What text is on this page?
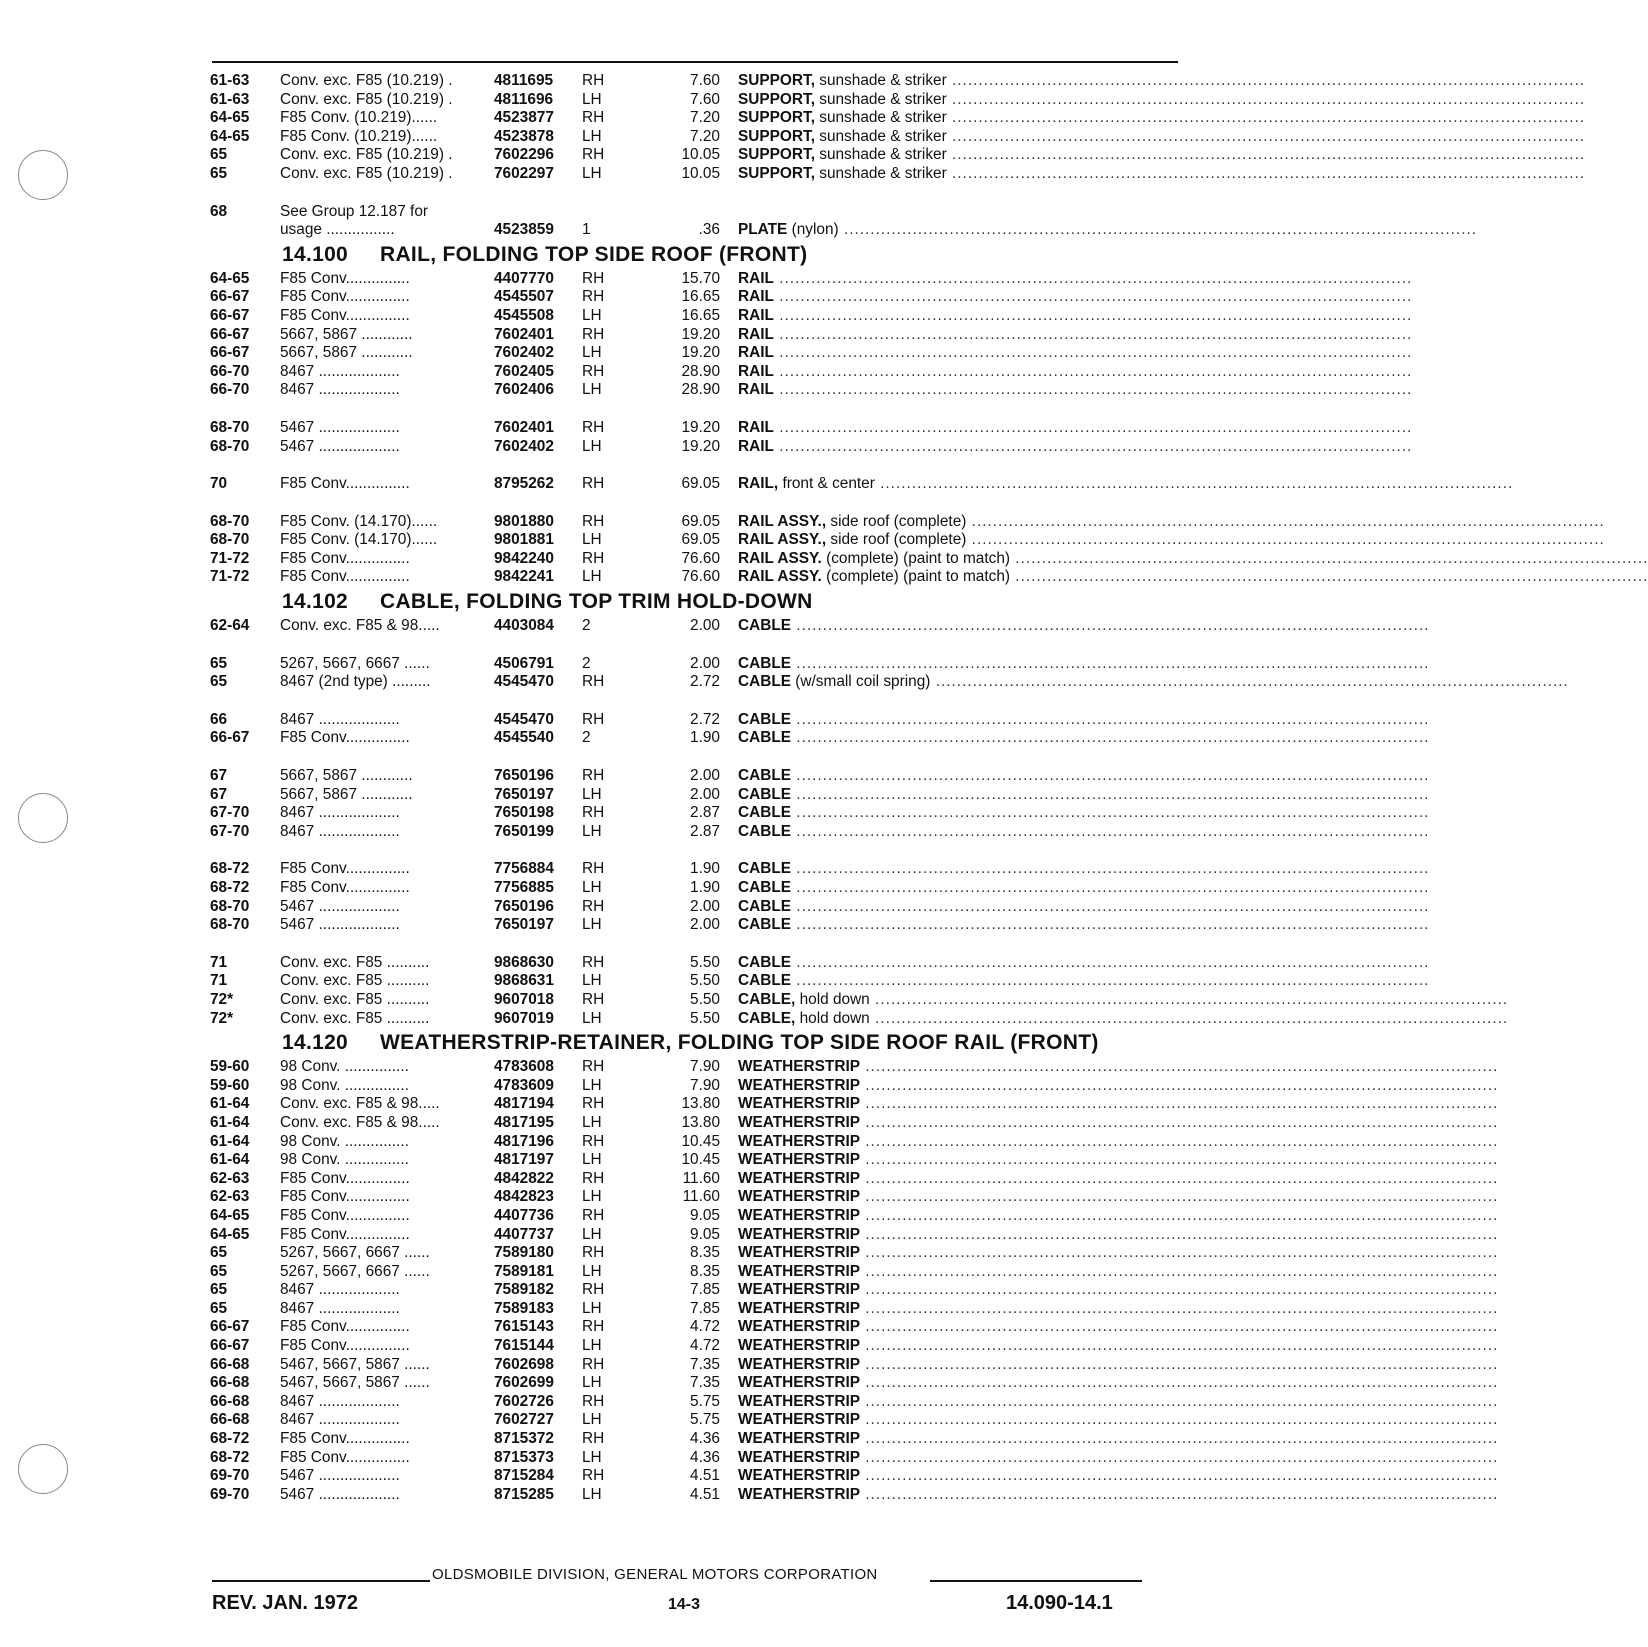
61-63	Conv. exc. F85 (10.219) .	4811695	RH	7.60 SUPPORT, sunshade & striker ........................................................................................................................
61-63	Conv. exc. F85 (10.219) .	4811696	LH	7.60 SUPPORT, sunshade & striker ........................................................................................................................
64-65	F85 Conv. (10.219)......	4523877	RH	7.20 SUPPORT, sunshade & striker ........................................................................................................................
64-65	F85 Conv. (10.219)......	4523878	LH	7.20 SUPPORT, sunshade & striker ........................................................................................................................
65	Conv. exc. F85 (10.219) .	7602296	RH	10.05 SUPPORT, sunshade & striker ........................................................................................................................
65	Conv. exc. F85 (10.219) .	7602297	LH	10.05 SUPPORT, sunshade & striker ........................................................................................................................
68	See Group 12.187 for
usage ................	4523859	1	.36 PLATE (nylon) ........................................................................................................................
14.100 RAIL, FOLDING TOP SIDE ROOF (FRONT)
64-65	F85 Conv...............	4407770	RH	15.70 RAIL ........................................................................................................................
66-67	F85 Conv...............	4545507	RH	16.65 RAIL ........................................................................................................................
66-67	F85 Conv...............	4545508	LH	16.65 RAIL ........................................................................................................................
66-67	5667, 5867 ............	7602401	RH	19.20 RAIL ........................................................................................................................
66-67	5667, 5867 ............	7602402	LH	19.20 RAIL ........................................................................................................................
66-70	8467 ...................	7602405	RH	28.90 RAIL ........................................................................................................................
66-70	8467 ...................	7602406	LH	28.90 RAIL ........................................................................................................................
68-70	5467 ...................	7602401	RH	19.20 RAIL ........................................................................................................................
68-70	5467 ...................	7602402	LH	19.20 RAIL ........................................................................................................................
70	F85 Conv...............	8795262	RH	69.05 RAIL, front & center ........................................................................................................................
68-70	F85 Conv. (14.170)......	9801880	RH	69.05 RAIL ASSY., side roof (complete) ........................................................................................................................
68-70	F85 Conv. (14.170)......	9801881	LH	69.05 RAIL ASSY., side roof (complete) ........................................................................................................................
71-72	F85 Conv...............	9842240	RH	76.60 RAIL ASSY. (complete) (paint to match) ........................................................................................................................
71-72	F85 Conv...............	9842241	LH	76.60 RAIL ASSY. (complete) (paint to match) ........................................................................................................................
14.102 CABLE, FOLDING TOP TRIM HOLD-DOWN
62-64	Conv. exc. F85 & 98.....	4403084	2	2.00 CABLE ........................................................................................................................
65	5267, 5667, 6667 ......	4506791	2	2.00 CABLE ........................................................................................................................
65	8467 (2nd type) .........	4545470	RH	2.72 CABLE (w/small coil spring) ........................................................................................................................
66	8467 ...................	4545470	RH	2.72 CABLE ........................................................................................................................
66-67	F85 Conv...............	4545540	2	1.90 CABLE ........................................................................................................................
67	5667, 5867 ............	7650196	RH	2.00 CABLE ........................................................................................................................
67	5667, 5867 ............	7650197	LH	2.00 CABLE ........................................................................................................................
67-70	8467 ...................	7650198	RH	2.87 CABLE ........................................................................................................................
67-70	8467 ...................	7650199	LH	2.87 CABLE ........................................................................................................................
68-72	F85 Conv...............	7756884	RH	1.90 CABLE ........................................................................................................................
68-72	F85 Conv...............	7756885	LH	1.90 CABLE ........................................................................................................................
68-70	5467 ...................	7650196	RH	2.00 CABLE ........................................................................................................................
68-70	5467 ...................	7650197	LH	2.00 CABLE ........................................................................................................................
71	Conv. exc. F85 ..........	9868630	RH	5.50 CABLE ........................................................................................................................
71	Conv. exc. F85 ..........	9868631	LH	5.50 CABLE ........................................................................................................................
72*	Conv. exc. F85 ..........	9607018	RH	5.50 CABLE, hold down ........................................................................................................................
72*	Conv. exc. F85 ..........	9607019	LH	5.50 CABLE, hold down ........................................................................................................................
14.120 WEATHERSTRIP-RETAINER, FOLDING TOP SIDE ROOF RAIL (FRONT)
59-60	98 Conv. ...............	4783608	RH	7.90 WEATHERSTRIP ........................................................................................................................
59-60	98 Conv. ...............	4783609	LH	7.90 WEATHERSTRIP ........................................................................................................................
61-64	Conv. exc. F85 & 98.....	4817194	RH	13.80 WEATHERSTRIP ........................................................................................................................
61-64	Conv. exc. F85 & 98.....	4817195	LH	13.80 WEATHERSTRIP ........................................................................................................................
61-64	98 Conv. ...............	4817196	RH	10.45 WEATHERSTRIP ........................................................................................................................
61-64	98 Conv. ...............	4817197	LH	10.45 WEATHERSTRIP ........................................................................................................................
62-63	F85 Conv...............	4842822	RH	11.60 WEATHERSTRIP ........................................................................................................................
62-63	F85 Conv...............	4842823	LH	11.60 WEATHERSTRIP ........................................................................................................................
64-65	F85 Conv...............	4407736	RH	9.05 WEATHERSTRIP ........................................................................................................................
64-65	F85 Conv...............	4407737	LH	9.05 WEATHERSTRIP ........................................................................................................................
65	5267, 5667, 6667 ......	7589180	RH	8.35 WEATHERSTRIP ........................................................................................................................
65	5267, 5667, 6667 ......	7589181	LH	8.35 WEATHERSTRIP ........................................................................................................................
65	8467 ...................	7589182	RH	7.85 WEATHERSTRIP ........................................................................................................................
65	8467 ...................	7589183	LH	7.85 WEATHERSTRIP ........................................................................................................................
66-67	F85 Conv...............	7615143	RH	4.72 WEATHERSTRIP ........................................................................................................................
66-67	F85 Conv...............	7615144	LH	4.72 WEATHERSTRIP ........................................................................................................................
66-68	5467, 5667, 5867 ......	7602698	RH	7.35 WEATHERSTRIP ........................................................................................................................
66-68	5467, 5667, 5867 ......	7602699	LH	7.35 WEATHERSTRIP ........................................................................................................................
66-68	8467 ...................	7602726	RH	5.75 WEATHERSTRIP ........................................................................................................................
66-68	8467 ...................	7602727	LH	5.75 WEATHERSTRIP ........................................................................................................................
68-72	F85 Conv...............	8715372	RH	4.36 WEATHERSTRIP ........................................................................................................................
68-72	F85 Conv...............	8715373	LH	4.36 WEATHERSTRIP ........................................................................................................................
69-70	5467 ...................	8715284	RH	4.51 WEATHERSTRIP ........................................................................................................................
69-70	5467 ...................	8715285	LH	4.51 WEATHERSTRIP ........................................................................................................................
OLDSMOBILE DIVISION, GENERAL MOTORS CORPORATION
REV. JAN. 1972	14-3	14.090-14.1
